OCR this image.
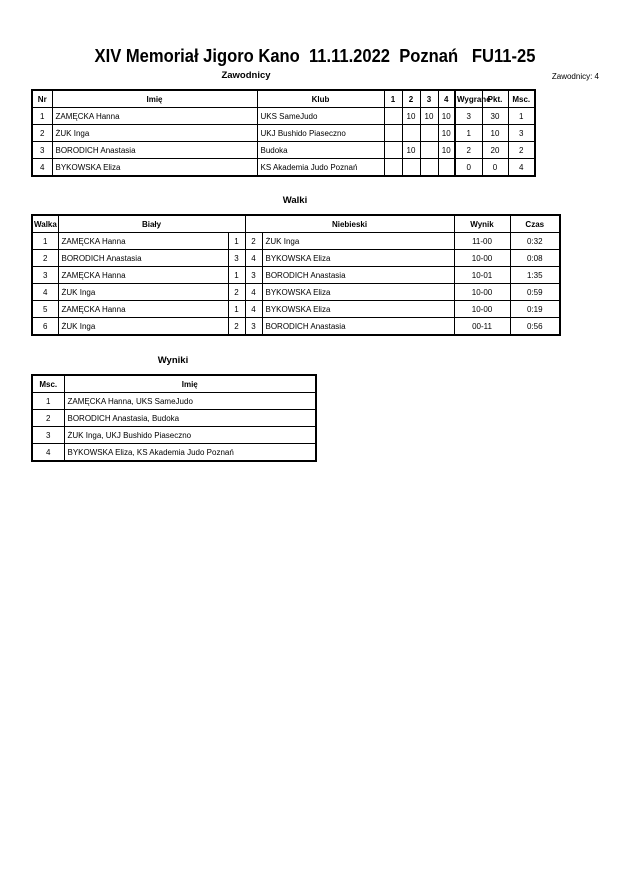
XIV Memoriał Jigoro Kano  11.11.2022  Poznań   FU11-25
Zawodnicy: 4
Zawodnicy
Nr	Imię	Klub	1	2	3	4	Wygrane	Pkt.	Msc.
1	ZAMĘCKA Hanna	UKS SameJudo		10	10	10	3	30	1
2	ŻUK Inga	UKJ Bushido Piaseczno				10	1	10	3
3	BORODICH Anastasia	Budoka		10		10	2	20	2
4	BYKOWSKA Eliza	KS Akademia Judo Poznań					0	0	4
Walki
Walka	Biały		Niebieski		Wynik	Czas
1	ZAMĘCKA Hanna	1	2	ŻUK Inga	11-00	0:32
2	BORODICH Anastasia	3	4	BYKOWSKA Eliza	10-00	0:08
3	ZAMĘCKA Hanna	1	3	BORODICH Anastasia	10-01	1:35
4	ŻUK Inga	2	4	BYKOWSKA Eliza	10-00	0:59
5	ZAMĘCKA Hanna	1	4	BYKOWSKA Eliza	10-00	0:19
6	ŻUK Inga	2	3	BORODICH Anastasia	00-11	0:56
Wyniki
Msc.	Imię
1	ZAMĘCKA Hanna, UKS SameJudo
2	BORODICH Anastasia, Budoka
3	ŻUK Inga, UKJ Bushido Piaseczno
4	BYKOWSKA Eliza, KS Akademia Judo Poznań
